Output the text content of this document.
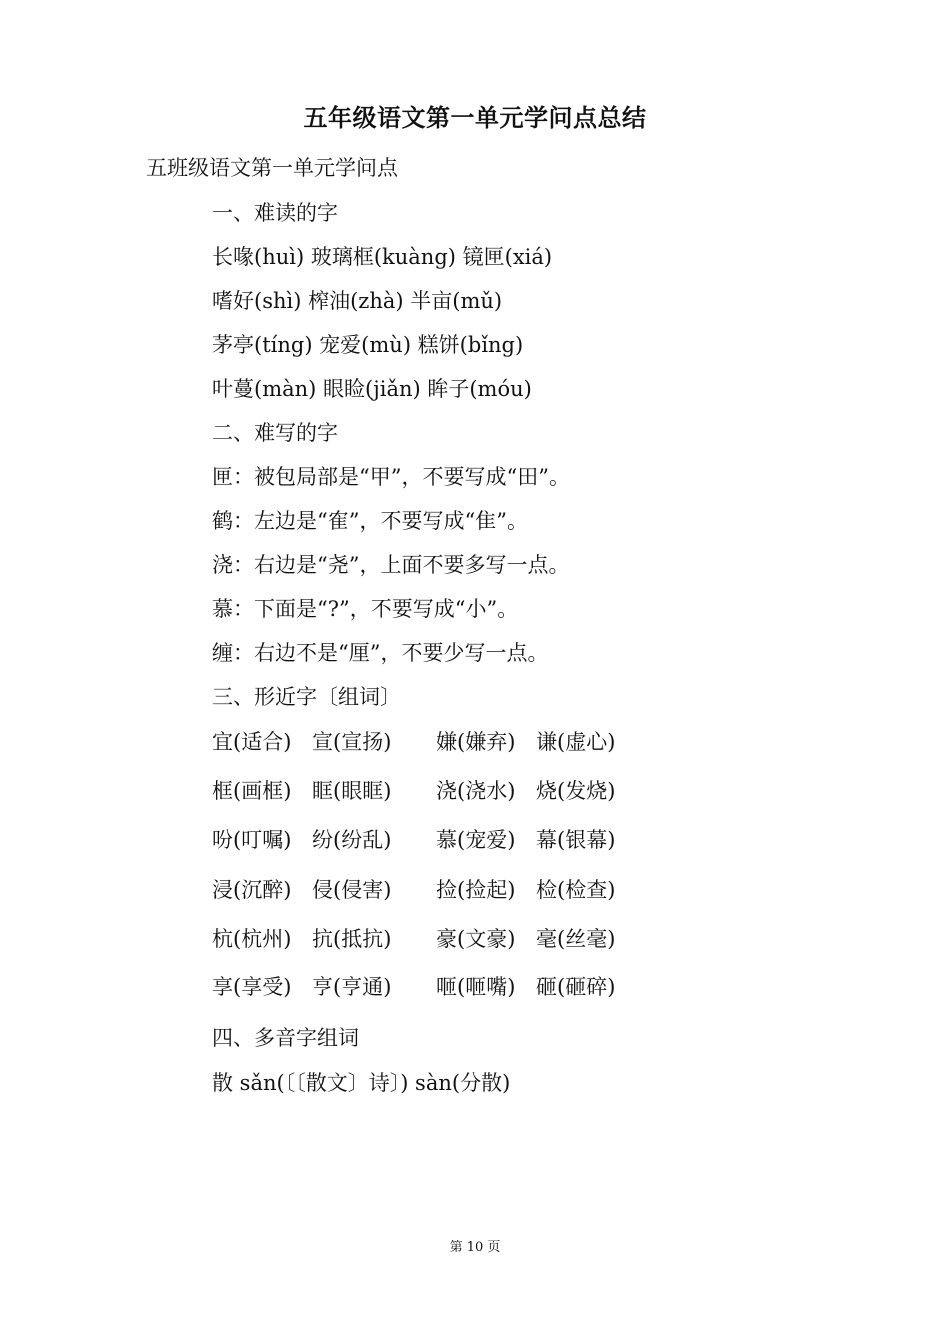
五年级语文第一单元学问点总结
五班级语文第一单元学问点
一、难读的字
长喙(huì) 玻璃框(kuàng) 镜匣(xiá)
嗜好(shì) 榨油(zhà) 半亩(mǔ)
茅亭(tíng) 宠爱(mù) 糕饼(bǐng)
叶蔓(màn) 眼睑(jiǎn) 眸子(móu)
二、难写的字
匣：被包局部是“甲”，不要写成“田”。
鹤：左边是“隺”，不要写成“隹”。
浇：右边是“尧”，上面不要多写一点。
慕：下面是“?”，不要写成“小”。
缠：右边不是“厘”，不要少写一点。
三、形近字〔组词〕
宜(适合) 宣(宣扬) 嫌(嫌弃) 谦(虚心)
框(画框) 眶(眼眶) 浇(浇水) 烧(发烧)
吩(叮嘱) 纷(纷乱) 慕(宠爱) 幕(银幕)
浸(沉醉) 侵(侵害) 捡(捡起) 检(检查)
杭(杭州) 抗(抵抗) 豪(文豪) 毫(丝毫)
享(享受) 亨(亨通) 咂(咂嘴) 砸(砸碎)
四、多音字组词
散 sǎn(〔〔散文〕诗〕) sàn(分散)
第 10 页
